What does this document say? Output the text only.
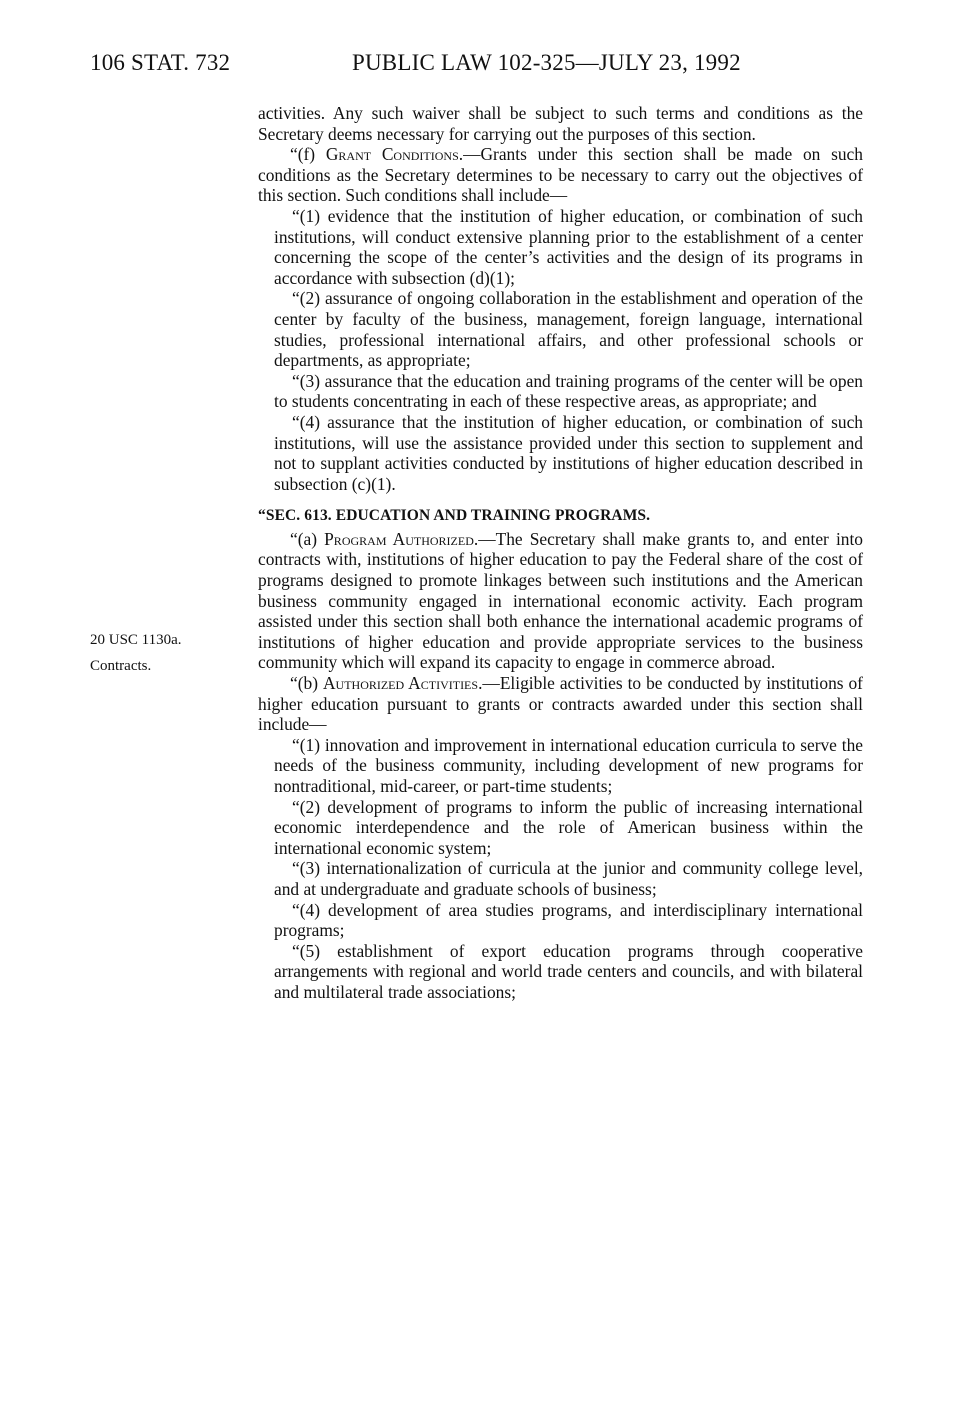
106 STAT. 732	PUBLIC LAW 102-325—JULY 23, 1992
20 USC 1130a.
Contracts.

activities. Any such waiver shall be subject to such terms and conditions as the Secretary deems necessary for carrying out the purposes of this section.

“(f) Grant Conditions.—Grants under this section shall be made on such conditions as the Secretary determines to be necessary to carry out the objectives of this section. Such conditions shall include—

“(1) evidence that the institution of higher education, or combination of such institutions, will conduct extensive planning prior to the establishment of a center concerning the scope of the center’s activities and the design of its programs in accordance with subsection (d)(1);

“(2) assurance of ongoing collaboration in the establishment and operation of the center by faculty of the business, management, foreign language, international studies, professional international affairs, and other professional schools or departments, as appropriate;

“(3) assurance that the education and training programs of the center will be open to students concentrating in each of these respective areas, as appropriate; and

“(4) assurance that the institution of higher education, or combination of such institutions, will use the assistance provided under this section to supplement and not to supplant activities conducted by institutions of higher education described in subsection (c)(1).

“SEC. 613. EDUCATION AND TRAINING PROGRAMS.

“(a) Program Authorized.—The Secretary shall make grants to, and enter into contracts with, institutions of higher education to pay the Federal share of the cost of programs designed to promote linkages between such institutions and the American business community engaged in international economic activity. Each program assisted under this section shall both enhance the international academic programs of institutions of higher education and provide appropriate services to the business community which will expand its capacity to engage in commerce abroad.

“(b) Authorized Activities.—Eligible activities to be conducted by institutions of higher education pursuant to grants or contracts awarded under this section shall include—

“(1) innovation and improvement in international education curricula to serve the needs of the business community, including development of new programs for nontraditional, mid-career, or part-time students;

“(2) development of programs to inform the public of increasing international economic interdependence and the role of American business within the international economic system;

“(3) internationalization of curricula at the junior and community college level, and at undergraduate and graduate schools of business;

“(4) development of area studies programs, and interdisciplinary international programs;

“(5) establishment of export education programs through cooperative arrangements with regional and world trade centers and councils, and with bilateral and multilateral trade associations;
